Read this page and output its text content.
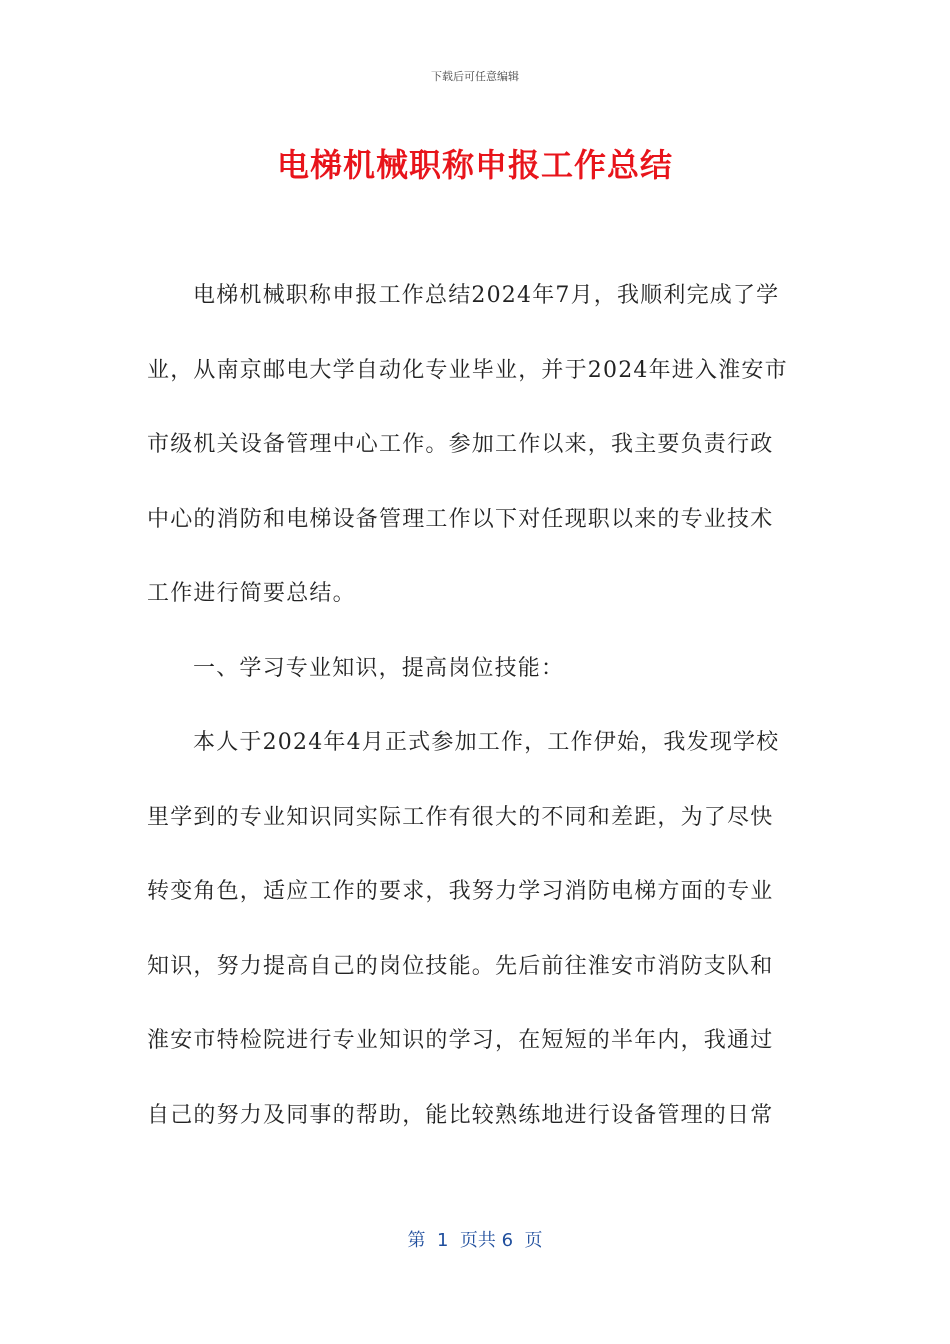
下载后可任意编辑
电梯机械职称申报工作总结
电梯机械职称申报工作总结2024年7月，我顺利完成了学
业，从南京邮电大学自动化专业毕业，并于2024年进入淮安市
市级机关设备管理中心工作。参加工作以来，我主要负责行政
中心的消防和电梯设备管理工作以下对任现职以来的专业技术
工作进行简要总结。
一、学习专业知识，提高岗位技能：
本人于2024年4月正式参加工作，工作伊始，我发现学校
里学到的专业知识同实际工作有很大的不同和差距，为了尽快
转变角色，适应工作的要求，我努力学习消防电梯方面的专业
知识，努力提高自己的岗位技能。先后前往淮安市消防支队和
淮安市特检院进行专业知识的学习，在短短的半年内，我通过
自己的努力及同事的帮助，能比较熟练地进行设备管理的日常
第  1  页共 6  页
